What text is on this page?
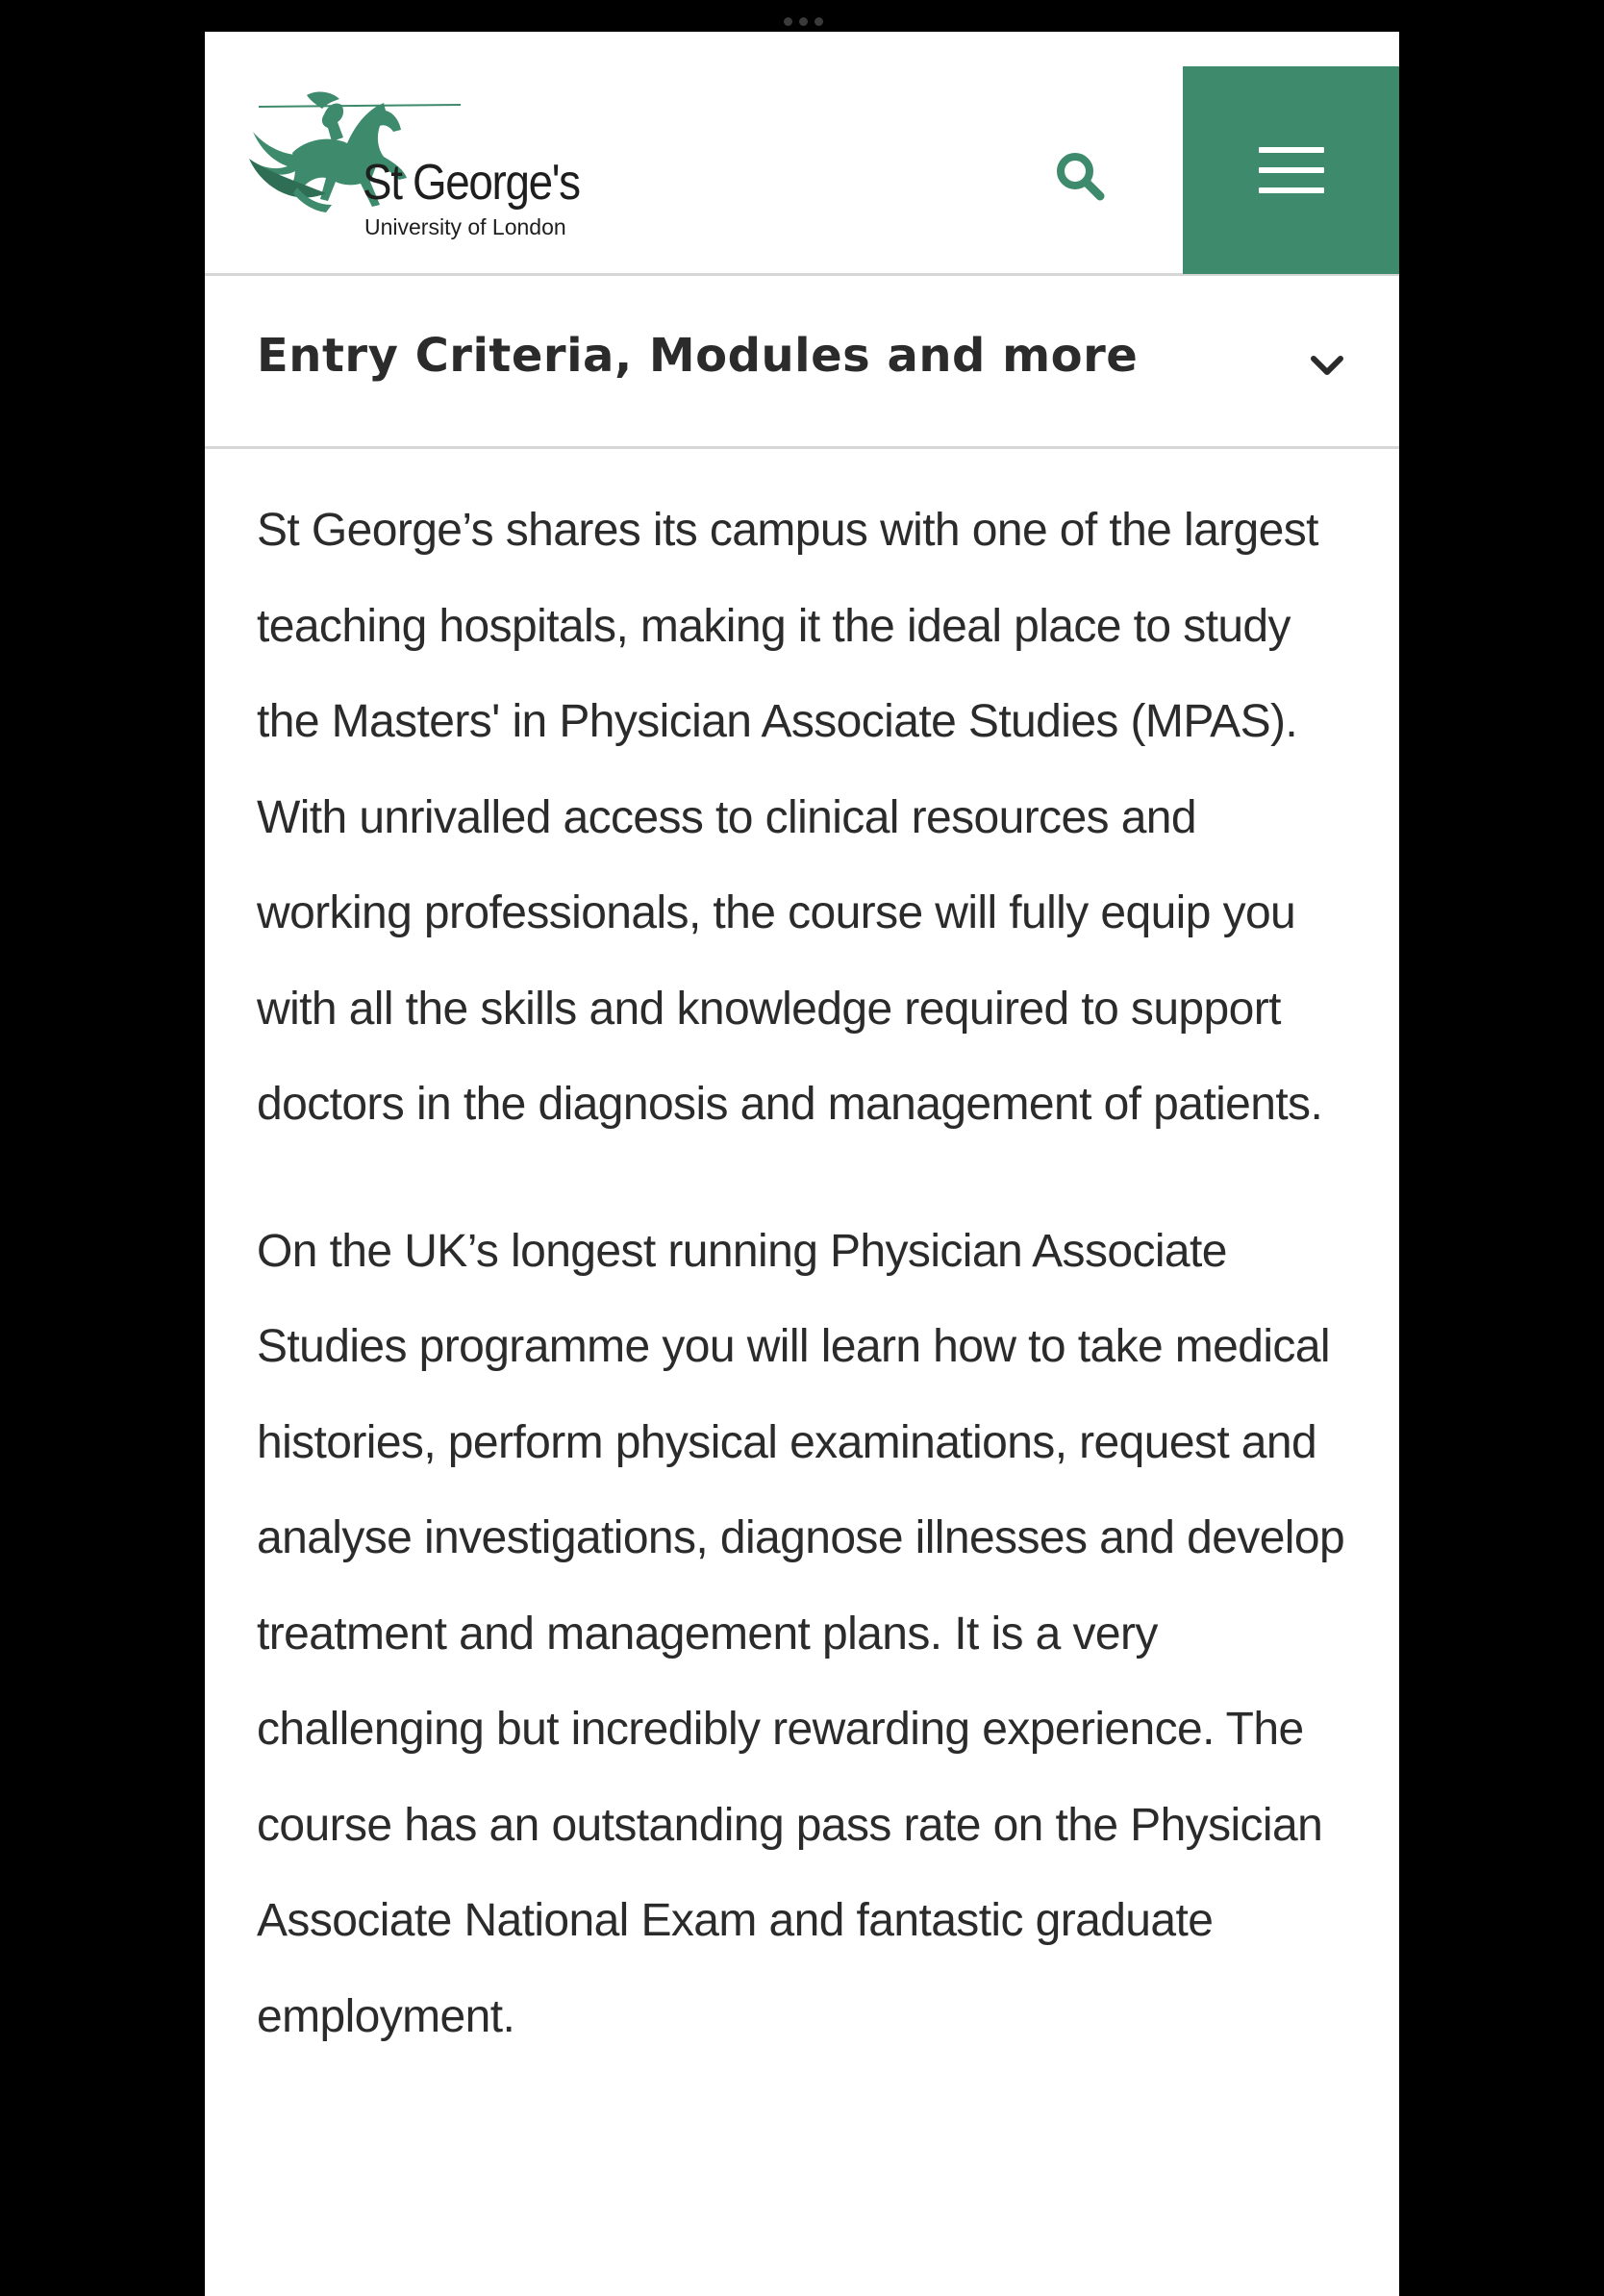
St George's
University of London
Entry Criteria, Modules and more

St George’s shares its campus with one of the largest teaching hospitals, making it the ideal place to study the Masters' in Physician Associate Studies (MPAS). With unrivalled access to clinical resources and working professionals, the course will fully equip you with all the skills and knowledge required to support doctors in the diagnosis and management of patients.

On the UK’s longest running Physician Associate Studies programme you will learn how to take medical histories, perform physical examinations, request and analyse investigations, diagnose illnesses and develop treatment and management plans. It is a very challenging but incredibly rewarding experience. The course has an outstanding pass rate on the Physician Associate National Exam and fantastic graduate employment.
